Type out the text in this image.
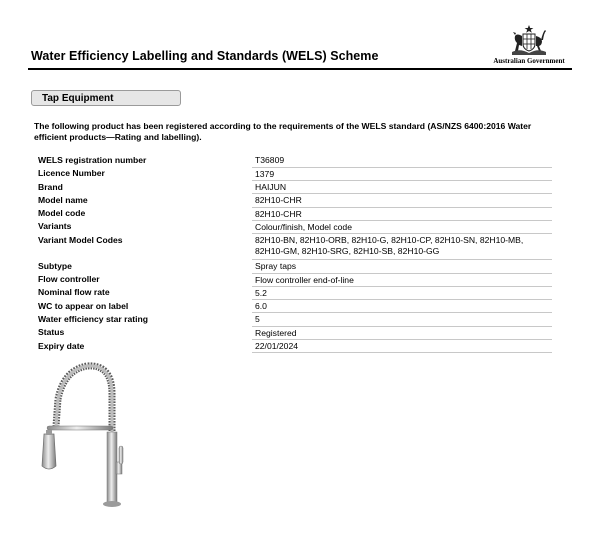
Water Efficiency Labelling and Standards (WELS) Scheme	Australian Government
Tap Equipment
The following product has been registered according to the requirements of the WELS standard (AS/NZS 6400:2016 Water efficient products—Rating and labelling).
WELS registration number	T36809
Licence Number	1379
Brand	HAIJUN
Model name	82H10-CHR
Model code	82H10-CHR
Variants	Colour/finish, Model code
Variant Model Codes	82H10-BN, 82H10-ORB, 82H10-G, 82H10-CP, 82H10-SN, 82H10-MB, 82H10-GM, 82H10-SRG, 82H10-SB, 82H10-GG
Subtype	Spray taps
Flow controller	Flow controller end-of-line
Nominal flow rate	5.2
WC to appear on label	6.0
Water efficiency star rating	5
Status	Registered
Expiry date	22/01/2024
